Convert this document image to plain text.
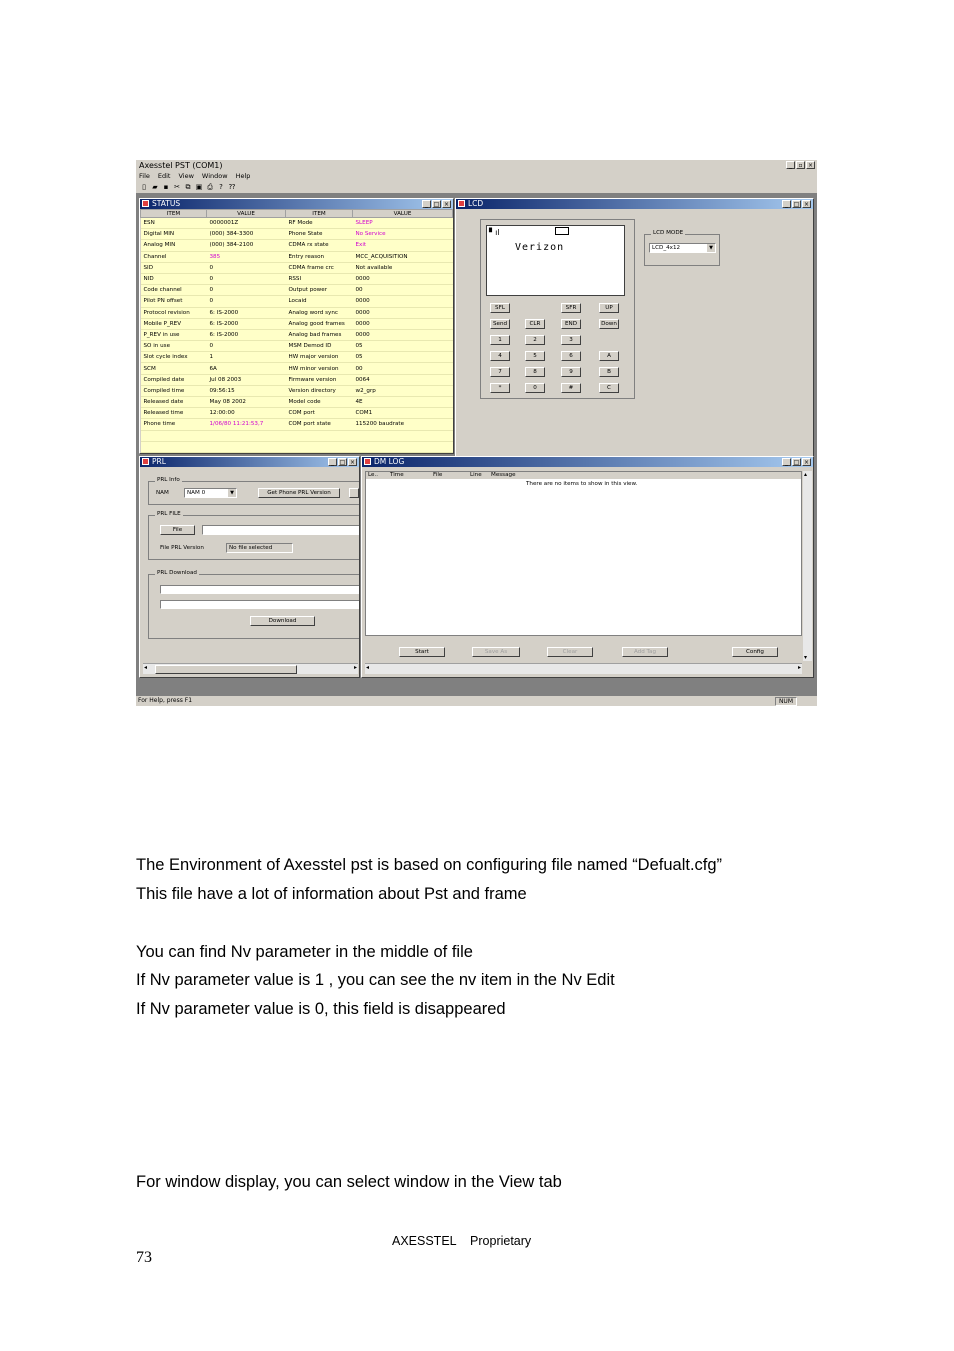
Axesstel PST (COM1)	_	▫ ×
File Edit View Window Help
▯ ▰ ▪ ✂ ⧉ ▣ ⎙ ? ⁇
STATUS	_ □ ×
ITEM	VALUE	ITEM	VALUE
ESN	0000001Z	RF Mode	SLEEP
Digital MIN	(000) 384-3300	Phone State	No Service
Analog MIN	(000) 384-2100	CDMA rx state	Exit
Channel	385	Entry reason	MCC_ACQUISITION
SID	0	CDMA frame crc	Not available
NID	0	RSSI	0000
Code channel	0	Output power	00
Pilot PN offset	0	Locaid	0000
Protocol revision	6: IS-2000	Analog word sync	0000
Mobile P_REV	6: IS-2000	Analog good frames	0000
P_REV in use	6: IS-2000	Analog bad frames	0000
SO in use	0	MSM Demod ID	05
Slot cycle index	1	HW major version	05
SCM	6A	HW minor version	00
Compiled date	Jul 08 2003	Firmware version	0064
Compiled time	09:56:15	Version directory	w2_grp
Released date	May 08 2002	Model code	4E
Released time	12:00:00	COM port	COM1
Phone time	1/06/80 11:21:53,7	COM port state	115200 baudrate

LCD	_ □ ×
▘ıl
Verizon
SFL	SFR	UP
Send	CLR	END	Down
1	2	3
4	5	6	A
7	8	9	B
*	0	#	C
LCD MODE
LCD_4x12	▼
PRL	_ □ ×
PRL Info
NAM	NAM 0	▼	Get Phone PRL Version
PRL FILE
File
File PRL Version	No file selected
PRL Download
Download
◂	▸
DM LOG	_ □ ×
Le.. Time	File	Line Message
There are no items to show in this view.
▴
▾
Start	Save As	Clear	Add Tag	Config
◂	▸
For Help, press F1	NUM
The Environment of Axesstel pst is based on configuring file named “Defualt.cfg”
This file have a lot of information about Pst and frame
You can find Nv parameter in the middle of file
If Nv parameter value is 1 , you can see the nv item in the Nv Edit
If Nv parameter value is 0, this field is disappeared
For window display, you can select window in the View tab
AXESSTEL    Proprietary
73
